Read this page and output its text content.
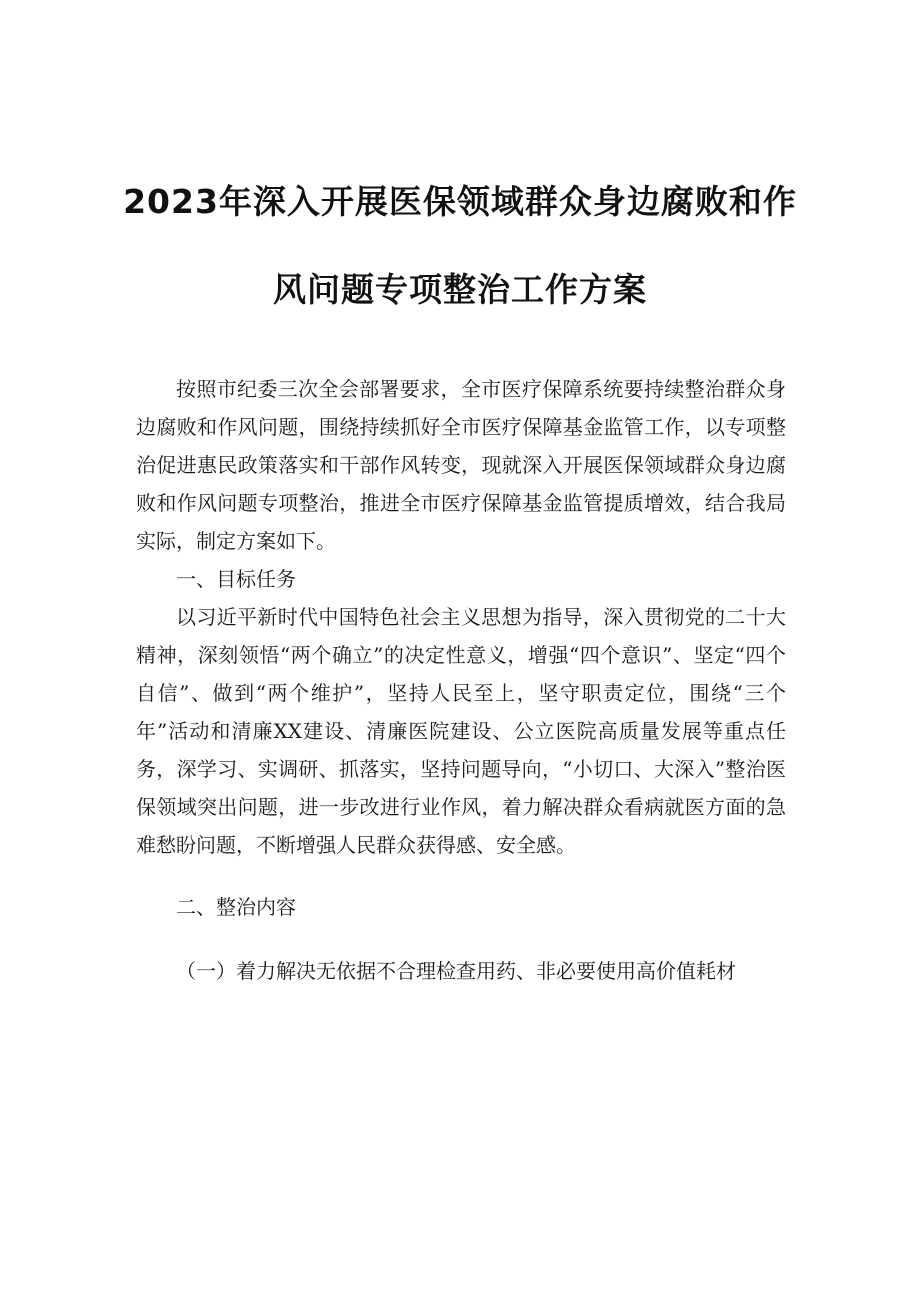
2023年深入开展医保领域群众身边腐败和作
风问题专项整治工作方案

按照市纪委三次全会部署要求，全市医疗保障系统要持续整治群众身边腐败和作风问题，围绕持续抓好全市医疗保障基金监管工作，以专项整治促进惠民政策落实和干部作风转变，现就深入开展医保领域群众身边腐败和作风问题专项整治，推进全市医疗保障基金监管提质增效，结合我局实际，制定方案如下。

一、目标任务

以习近平新时代中国特色社会主义思想为指导，深入贯彻党的二十大精神，深刻领悟“两个确立”的决定性意义，增强“四个意识”、坚定“四个自信”、做到“两个维护”，坚持人民至上，坚守职责定位，围绕“三个年”活动和清廉XX建设、清廉医院建设、公立医院高质量发展等重点任务，深学习、实调研、抓落实，坚持问题导向，“小切口、大深入”整治医保领域突出问题，进一步改进行业作风，着力解决群众看病就医方面的急难愁盼问题，不断增强人民群众获得感、安全感。

二、整治内容

（一）着力解决无依据不合理检查用药、非必要使用高价值耗材
